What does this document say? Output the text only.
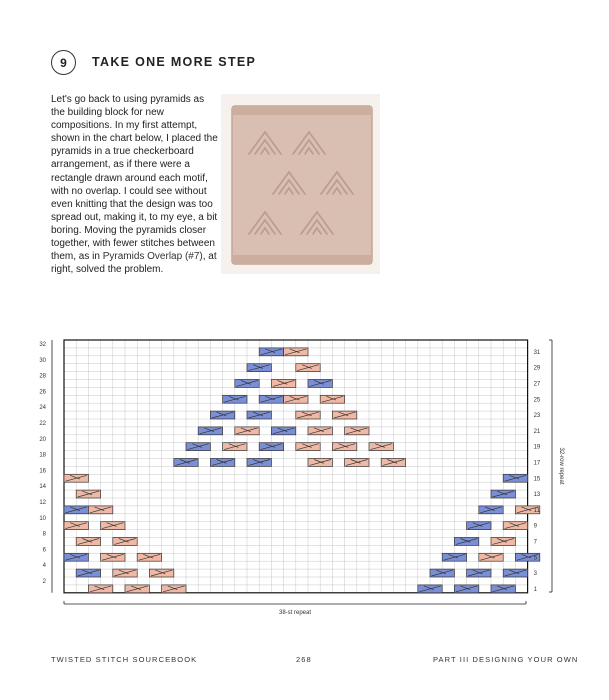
9 TAKE ONE MORE STEP
Let's go back to using pyramids as the building block for new compositions. In my first attempt, shown in the chart below, I placed the pyramids in a true checkerboard arrangement, as if there were a rectangle drawn around each motif, with no overlap. I could see without even knitting that the design was too spread out, making it, to my eye, a bit boring. Moving the pyramids closer together, with fewer stitches between them, as in Pyramids Overlap (#7), at right, solved the problem.
2
4
6
8
10
12
14
16
18
20
22
24
26
28
30
32
1
3
5
7
9
11
13
15
17
19
21
23
25
27
29
31
32-row repeat
38-st repeat
TWISTED STITCH SOURCEBOOK	268	PART III DESIGNING YOUR OWN
